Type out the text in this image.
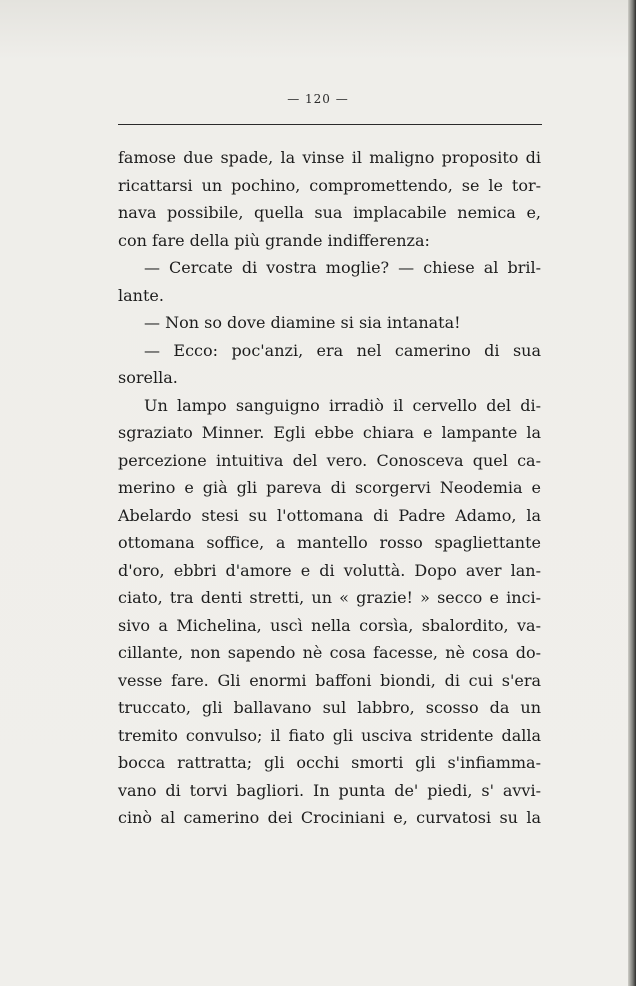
— 120 —
famose due spade, la vinse il maligno proposito di
ricattarsi un pochino, compromettendo, se le tor-
nava possibile, quella sua implacabile nemica e,
con fare della più grande indifferenza:
— Cercate di vostra moglie? — chiese al bril-
lante.
— Non so dove diamine si sia intanata!
— Ecco: poc'anzi, era nel camerino di sua
sorella.
Un lampo sanguigno irradiò il cervello del di-
sgraziato Minner. Egli ebbe chiara e lampante la
percezione intuitiva del vero. Conosceva quel ca-
merino e già gli pareva di scorgervi Neodemia e
Abelardo stesi su l'ottomana di Padre Adamo, la
ottomana soffice, a mantello rosso spagliettante
d'oro, ebbri d'amore e di voluttà. Dopo aver lan-
ciato, tra denti stretti, un « grazie! » secco e inci-
sivo a Michelina, uscì nella corsìa, sbalordito, va-
cillante, non sapendo nè cosa facesse, nè cosa do-
vesse fare. Gli enormi baffoni biondi, di cui s'era
truccato, gli ballavano sul labbro, scosso da un
tremito convulso; il fiato gli usciva stridente dalla
bocca rattratta; gli occhi smorti gli s'infiamma-
vano di torvi bagliori. In punta de' piedi, s' avvi-
cinò al camerino dei Crociniani e, curvatosi su la
